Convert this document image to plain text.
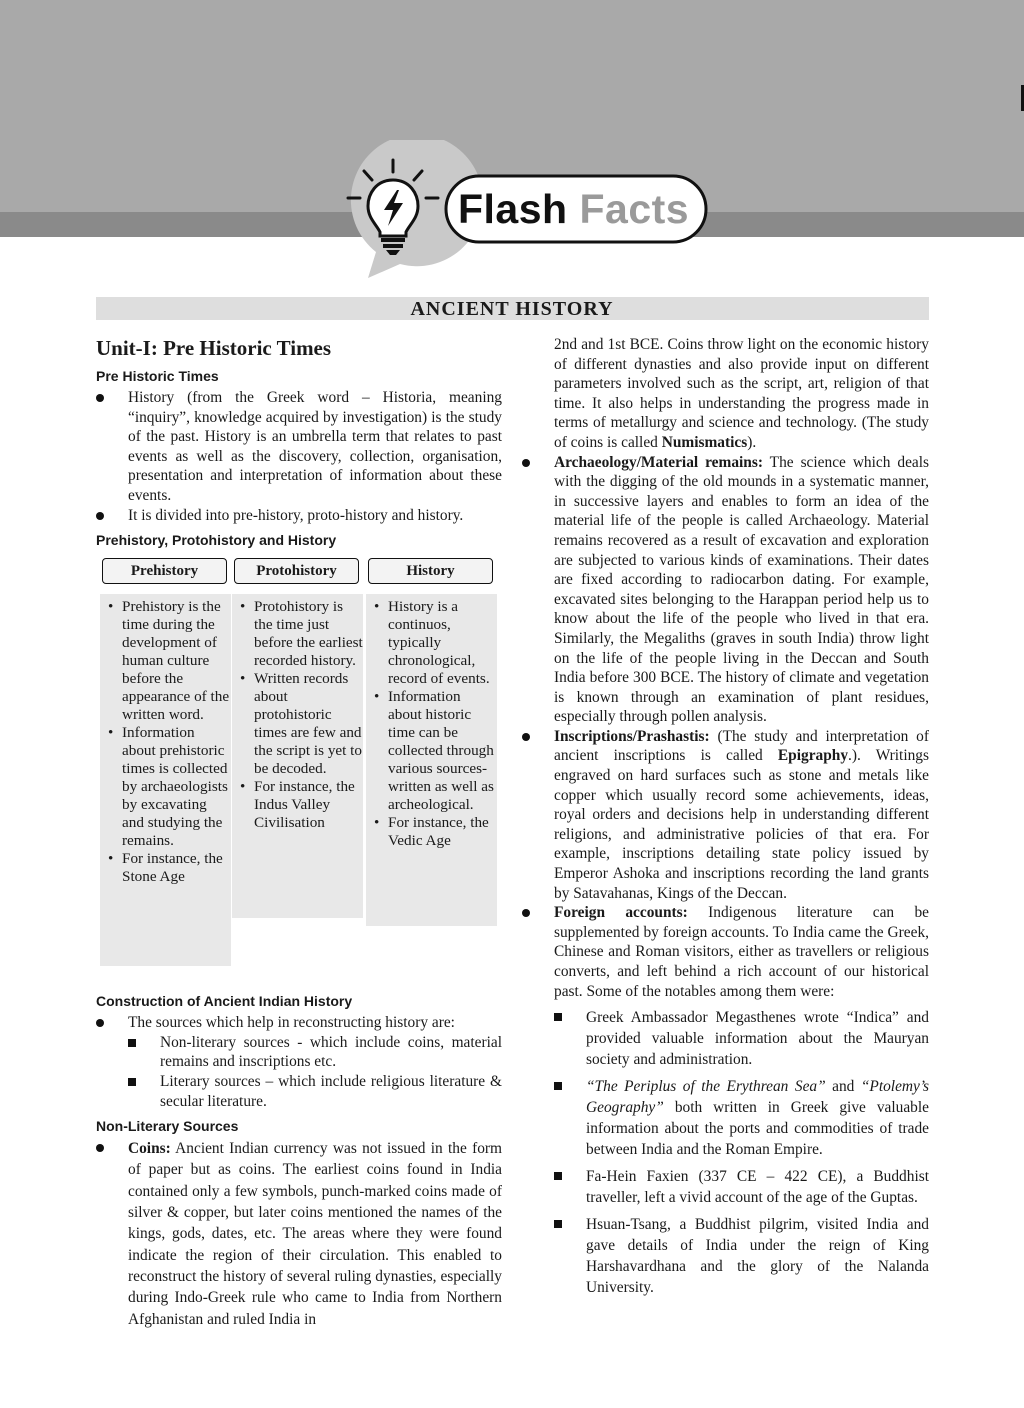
Flash Facts
ANCIENT HISTORY
Unit-I: Pre Historic Times
Pre Historic Times

History (from the Greek word – Historia, meaning “inquiry”, knowledge acquired by investigation) is the study of the past. History is an umbrella term that relates to past events as well as the discovery, collection, organisation, presentation and interpretation of information about these events.

It is divided into pre-history, proto-history and history.

Prehistory, Protohistory and History
Prehistory
• Prehistory is the time during the development of human culture before the appearance of the written word.
• Information about prehistoric times is collected by archaeologists by excavating and studying the remains.
• For instance, the Stone Age
Protohistory
• Protohistory is the time just before the earliest recorded history.
• Written records about protohistoric times are few and the script is yet to be decoded.
• For instance, the Indus Valley Civilisation
History
• History is a continuos, typically chronological, record of events.
• Information about historic time can be collected through various sources- written as well as archeological.
• For instance, the Vedic Age
Construction of Ancient Indian History

The sources which help in reconstructing history are:

Non-literary sources - which include coins, material remains and inscriptions etc.

Literary sources – which include religious literature & secular literature.

Non-Literary Sources

Coins: Ancient Indian currency was not issued in the form of paper but as coins. The earliest coins found in India contained only a few symbols, punch-marked coins made of silver & copper, but later coins mentioned the names of the kings, gods, dates, etc. The areas where they were found indicate the region of their circulation. This enabled to reconstruct the history of several ruling dynasties, especially during Indo-Greek rule who came to India from Northern Afghanistan and ruled India in

2nd and 1st BCE. Coins throw light on the economic history of different dynasties and also provide input on different parameters involved such as the script, art, religion of that time. It also helps in understanding the progress made in terms of metallurgy and science and technology. (The study of coins is called Numismatics).

Archaeology/Material remains: The science which deals with the digging of the old mounds in a systematic manner, in successive layers and enables to form an idea of the material life of the people is called Archaeology. Material remains recovered as a result of excavation and exploration are subjected to various kinds of examinations. Their dates are fixed according to radiocarbon dating. For example, excavated sites belonging to the Harappan period help us to know about the life of the people who lived in that era. Similarly, the Megaliths (graves in south India) throw light on the life of the people living in the Deccan and South India before 300 BCE. The history of climate and vegetation is known through an examination of plant residues, especially through pollen analysis.

Inscriptions/Prashastis: (The study and interpretation of ancient inscriptions is called Epigraphy.). Writings engraved on hard surfaces such as stone and metals like copper which usually record some achievements, ideas, royal orders and decisions help in understanding different religions, and administrative policies of that era. For example, inscriptions detailing state policy issued by Emperor Ashoka and inscriptions recording the land grants by Satavahanas, Kings of the Deccan.

Foreign accounts: Indigenous literature can be supplemented by foreign accounts. To India came the Greek, Chinese and Roman visitors, either as travellers or religious converts, and left behind a rich account of our historical past. Some of the notables among them were:

Greek Ambassador Megasthenes wrote “Indica” and provided valuable information about the Mauryan society and administration.

“The Periplus of the Erythrean Sea” and “Ptolemy’s Geography” both written in Greek give valuable information about the ports and commodities of trade between India and the Roman Empire.

Fa-Hein Faxien (337 CE – 422 CE), a Buddhist traveller, left a vivid account of the age of the Guptas.

Hsuan-Tsang, a Buddhist pilgrim, visited India and gave details of India under the reign of King Harshavardhana and the glory of the Nalanda University.
